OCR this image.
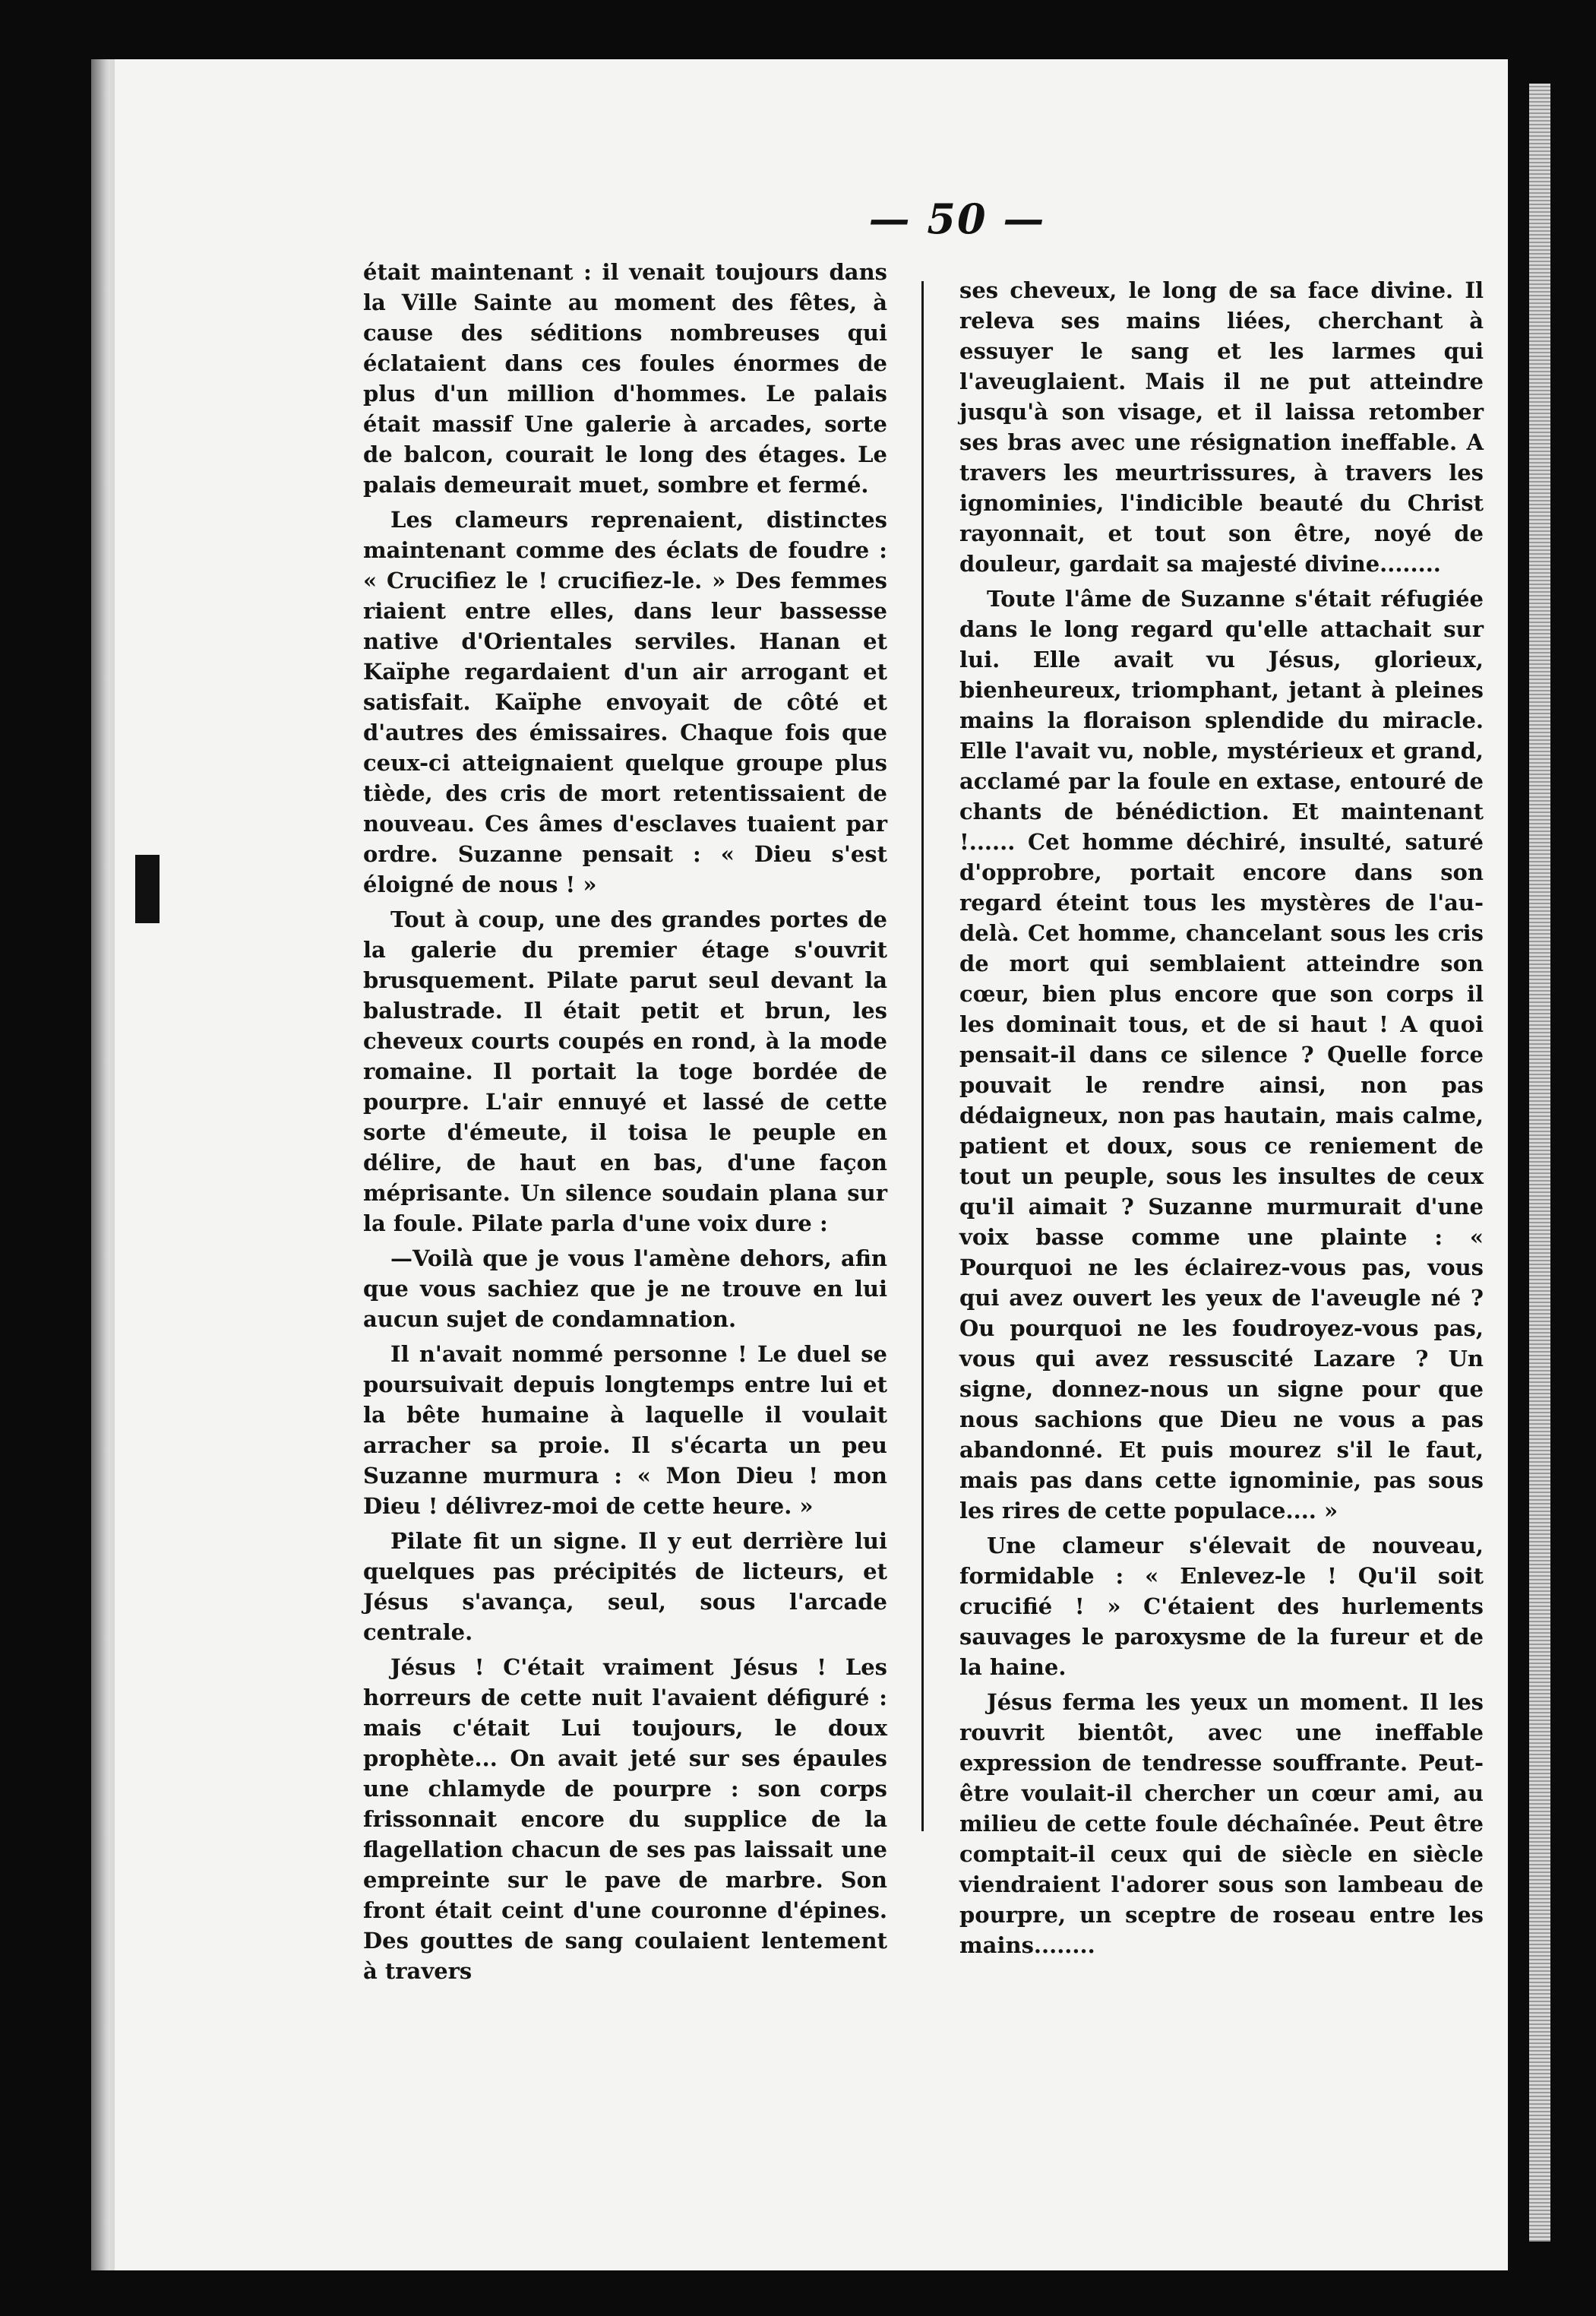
— 50 —

était maintenant : il venait toujours dans la Ville Sainte au moment des fêtes, à cause des séditions nombreuses qui éclataient dans ces foules énormes de plus d'un million d'hommes. Le palais était massif Une galerie à arcades, sorte de balcon, courait le long des étages. Le palais demeurait muet, sombre et fermé.

Les clameurs reprenaient, distinctes maintenant comme des éclats de foudre : « Crucifiez le ! crucifiez-le. » Des femmes riaient entre elles, dans leur bassesse native d'Orientales serviles. Hanan et Kaïphe regardaient d'un air arrogant et satisfait. Kaïphe envoyait de côté et d'autres des émissaires. Chaque fois que ceux-ci atteignaient quelque groupe plus tiède, des cris de mort retentissaient de nouveau. Ces âmes d'esclaves tuaient par ordre. Suzanne pensait : « Dieu s'est éloigné de nous ! »

Tout à coup, une des grandes portes de la galerie du premier étage s'ouvrit brusquement. Pilate parut seul devant la balustrade. Il était petit et brun, les cheveux courts coupés en rond, à la mode romaine. Il portait la toge bordée de pourpre. L'air ennuyé et lassé de cette sorte d'émeute, il toisa le peuple en délire, de haut en bas, d'une façon méprisante. Un silence soudain plana sur la foule. Pilate parla d'une voix dure :

—Voilà que je vous l'amène dehors, afin que vous sachiez que je ne trouve en lui aucun sujet de condamnation.

Il n'avait nommé personne ! Le duel se poursuivait depuis longtemps entre lui et la bête humaine à laquelle il voulait arracher sa proie. Il s'écarta un peu Suzanne murmura : « Mon Dieu ! mon Dieu ! délivrez-moi de cette heure. »

Pilate fit un signe. Il y eut derrière lui quelques pas précipités de licteurs, et Jésus s'avança, seul, sous l'arcade centrale.

Jésus ! C'était vraiment Jésus ! Les horreurs de cette nuit l'avaient défiguré : mais c'était Lui toujours, le doux prophète... On avait jeté sur ses épaules une chlamyde de pourpre : son corps frissonnait encore du supplice de la flagellation chacun de ses pas laissait une empreinte sur le pave de marbre. Son front était ceint d'une couronne d'épines. Des gouttes de sang coulaient lentement à travers

ses cheveux, le long de sa face divine. Il releva ses mains liées, cherchant à essuyer le sang et les larmes qui l'aveuglaient. Mais il ne put atteindre jusqu'à son visage, et il laissa retomber ses bras avec une résignation ineffable. A travers les meurtrissures, à travers les ignominies, l'indicible beauté du Christ rayonnait, et tout son être, noyé de douleur, gardait sa majesté divine........

Toute l'âme de Suzanne s'était réfugiée dans le long regard qu'elle attachait sur lui. Elle avait vu Jésus, glorieux, bienheureux, triomphant, jetant à pleines mains la floraison splendide du miracle. Elle l'avait vu, noble, mystérieux et grand, acclamé par la foule en extase, entouré de chants de bénédiction. Et maintenant !...... Cet homme déchiré, insulté, saturé d'opprobre, portait encore dans son regard éteint tous les mystères de l'au-delà. Cet homme, chancelant sous les cris de mort qui semblaient atteindre son cœur, bien plus encore que son corps il les dominait tous, et de si haut ! A quoi pensait-il dans ce silence ? Quelle force pouvait le rendre ainsi, non pas dédaigneux, non pas hautain, mais calme, patient et doux, sous ce reniement de tout un peuple, sous les insultes de ceux qu'il aimait ? Suzanne murmurait d'une voix basse comme une plainte : « Pourquoi ne les éclairez-vous pas, vous qui avez ouvert les yeux de l'aveugle né ? Ou pourquoi ne les foudroyez-vous pas, vous qui avez ressuscité Lazare ? Un signe, donnez-nous un signe pour que nous sachions que Dieu ne vous a pas abandonné. Et puis mourez s'il le faut, mais pas dans cette ignominie, pas sous les rires de cette populace.... »

Une clameur s'élevait de nouveau, formidable : « Enlevez-le ! Qu'il soit crucifié ! » C'étaient des hurlements sauvages le paroxysme de la fureur et de la haine.

Jésus ferma les yeux un moment. Il les rouvrit bientôt, avec une ineffable expression de tendresse souffrante. Peut-être voulait-il chercher un cœur ami, au milieu de cette foule déchaînée. Peut être comptait-il ceux qui de siècle en siècle viendraient l'adorer sous son lambeau de pourpre, un sceptre de roseau entre les mains........
